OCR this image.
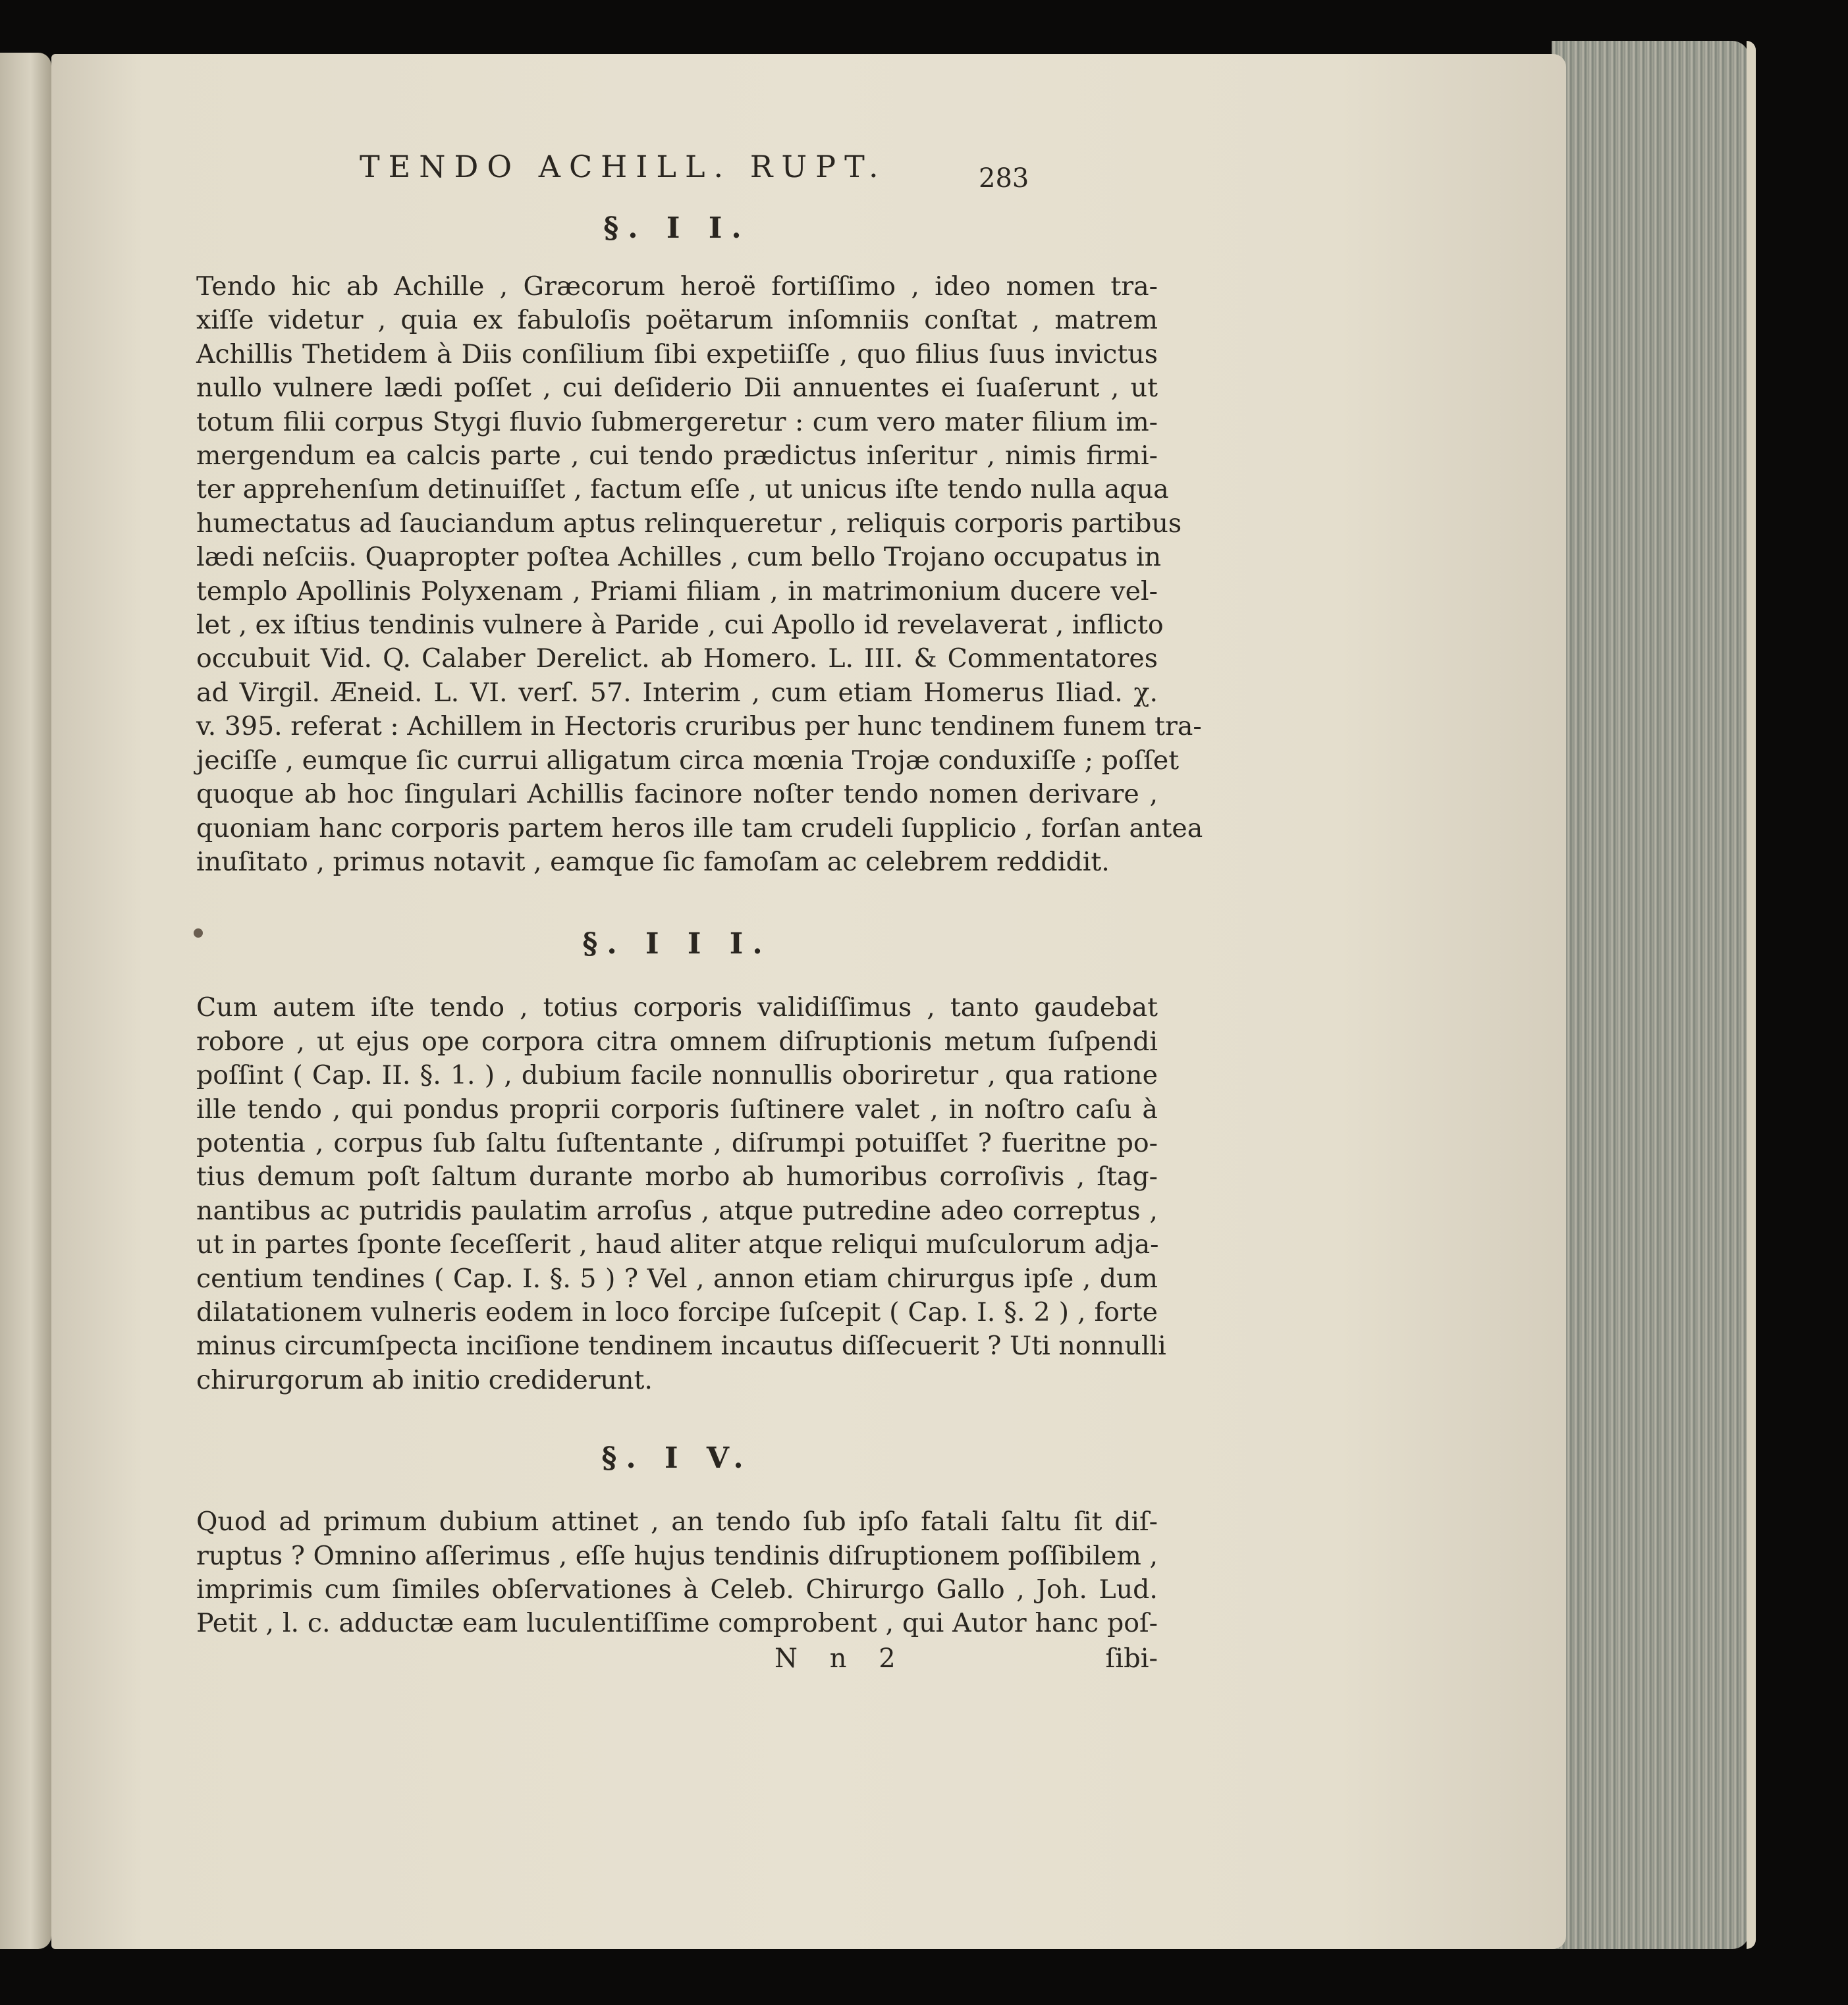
TENDO ACHILL. RUPT.	283
§. I I.

Tendo hic ab Achille , Græcorum heroë fortiſſimo , ideo nomen tra-
xiſſe videtur , quia ex fabuloſis poëtarum inſomniis conſtat , matrem
Achillis Thetidem à Diis conſilium ſibi expetiiſſe , quo filius ſuus invictus
nullo vulnere lædi poſſet , cui deſiderio Dii annuentes ei ſuaſerunt , ut
totum filii corpus Stygi fluvio ſubmergeretur : cum vero mater filium im-
mergendum ea calcis parte , cui tendo prædictus inſeritur , nimis firmi-
ter apprehenſum detinuiſſet , factum eſſe , ut unicus iſte tendo nulla aqua
humectatus ad ſauciandum aptus relinqueretur , reliquis corporis partibus
lædi neſciis. Quapropter poſtea Achilles , cum bello Trojano occupatus in
templo Apollinis Polyxenam , Priami filiam , in matrimonium ducere vel-
let , ex iſtius tendinis vulnere à Paride , cui Apollo id revelaverat , inflicto
occubuit Vid. Q. Calaber Derelict. ab Homero. L. III. & Commentatores
ad Virgil. Æneid. L. VI. verſ. 57. Interim , cum etiam Homerus Iliad. χ.
v. 395. referat : Achillem in Hectoris cruribus per hunc tendinem funem tra-
jeciſſe , eumque ſic currui alligatum circa mœnia Trojæ conduxiſſe ; poſſet
quoque ab hoc ſingulari Achillis facinore noſter tendo nomen derivare ,
quoniam hanc corporis partem heros ille tam crudeli ſupplicio , forſan antea
inuſitato , primus notavit , eamque ſic famoſam ac celebrem reddidit.

§. I I I.

Cum autem iſte tendo , totius corporis validiſſimus , tanto gaudebat
robore , ut ejus ope corpora citra omnem diſruptionis metum ſuſpendi
poſſint ( Cap. II. §. 1. ) , dubium facile nonnullis oboriretur , qua ratione
ille tendo , qui pondus proprii corporis ſuſtinere valet , in noſtro caſu à
potentia , corpus ſub ſaltu ſuſtentante , diſrumpi potuiſſet ? fueritne po-
tius demum poſt ſaltum durante morbo ab humoribus corroſivis , ſtag-
nantibus ac putridis paulatim arroſus , atque putredine adeo correptus ,
ut in partes ſponte ſeceſſerit , haud aliter atque reliqui muſculorum adja-
centium tendines ( Cap. I. §. 5 ) ? Vel , annon etiam chirurgus ipſe , dum
dilatationem vulneris eodem in loco forcipe ſuſcepit ( Cap. I. §. 2 ) , forte
minus circumſpecta inciſione tendinem incautus diſſecuerit ? Uti nonnulli
chirurgorum ab initio crediderunt.

§. I V.

Quod ad primum dubium attinet , an tendo ſub ipſo fatali ſaltu ſit diſ-
ruptus ? Omnino aſſerimus , eſſe hujus tendinis diſruptionem poſſibilem ,
imprimis cum ſimiles obſervationes à Celeb. Chirurgo Gallo , Joh. Lud.
Petit , l. c. adductæ eam luculentiſſime comprobent , qui Autor hanc poſ-

N n 2	ſibi-
